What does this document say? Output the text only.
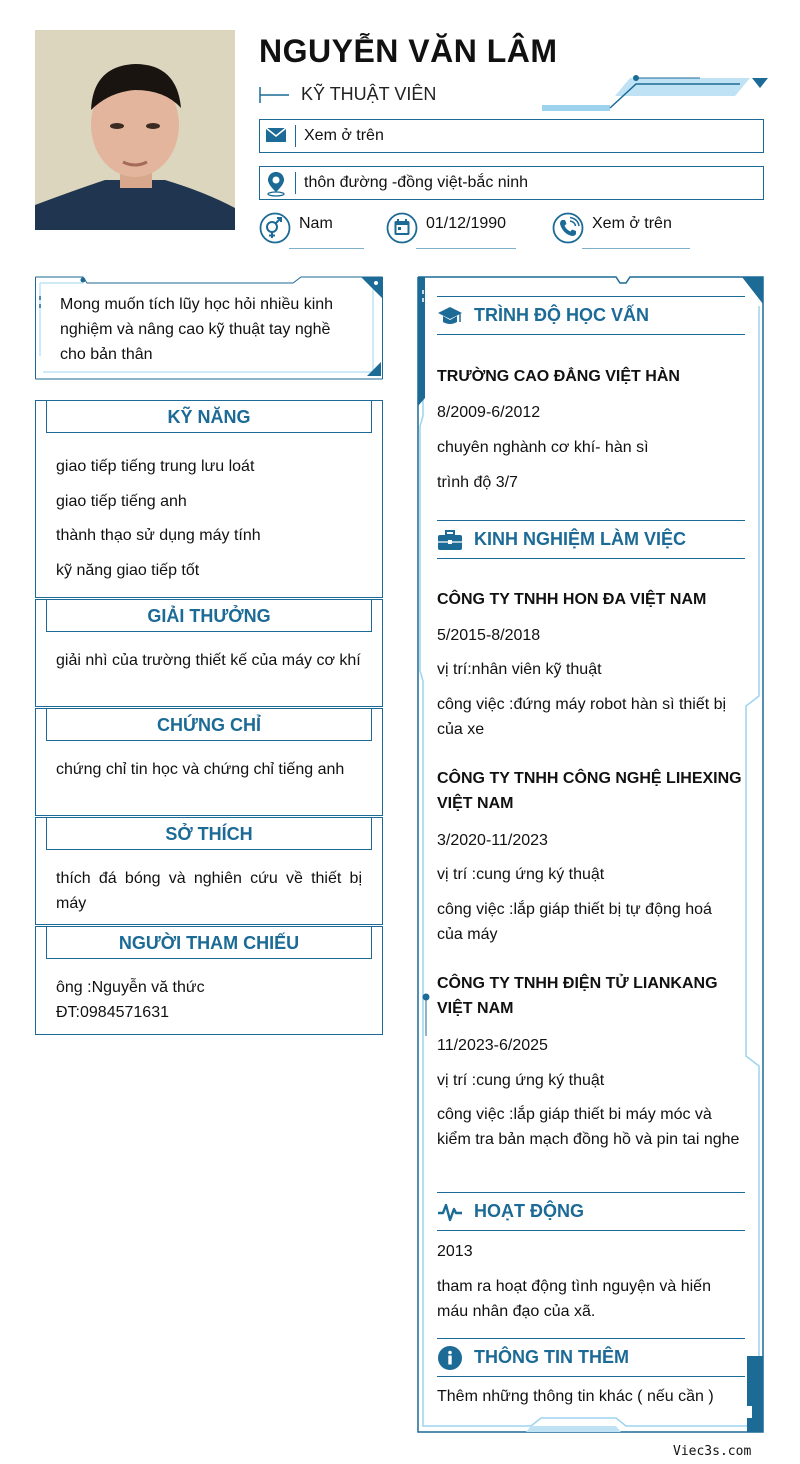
NGUYỄN VĂN LÂM
KỸ THUẬT VIÊN
Xem ở trên
thôn đường -đồng việt-bắc ninh
Nam	01/12/1990	Xem ở trên
Mong muốn tích lũy học hỏi nhiều kinh nghiệm và nâng cao kỹ thuật tay nghề cho bản thân
KỸ NĂNG
giao tiếp tiếng trung lưu loát
giao tiếp tiếng anh
thành thạo sử dụng máy tính
kỹ năng giao tiếp tốt
GIẢI THƯỞNG
giải nhì của trường thiết kế của máy cơ khí
CHỨNG CHỈ
chứng chỉ tin học và chứng chỉ tiếng anh
SỞ THÍCH
thích đá bóng và nghiên cứu về thiết bị máy
NGƯỜI THAM CHIẾU
ông :Nguyễn vă thức
ĐT:0984571631
TRÌNH ĐỘ HỌC VẤN
TRƯỜNG CAO ĐẲNG VIỆT HÀN
8/2009-6/2012
chuyên nghành cơ khí- hàn sì
trình độ 3/7
KINH NGHIỆM LÀM VIỆC
CÔNG TY TNHH HON ĐA VIỆT NAM
5/2015-8/2018
vị trí:nhân viên kỹ thuật
công việc :đứng máy robot hàn sì thiết bị của xe
CÔNG TY TNHH CÔNG NGHỆ LIHEXING VIỆT NAM
3/2020-11/2023
vị trí :cung ứng ký thuật
công việc :lắp giáp thiết bị tự động hoá của máy
CÔNG TY TNHH ĐIỆN TỬ LIANKANG VIỆT NAM
11/2023-6/2025
vị trí :cung ứng ký thuật
công việc :lắp giáp thiết bi máy móc và kiểm tra bản mạch đồng hồ và pin tai nghe
HOẠT ĐỘNG
2013
tham ra hoạt động tình nguyện và hiến máu nhân đạo của xã.
THÔNG TIN THÊM
Thêm những thông tin khác ( nếu cần )
Viec3s.com
